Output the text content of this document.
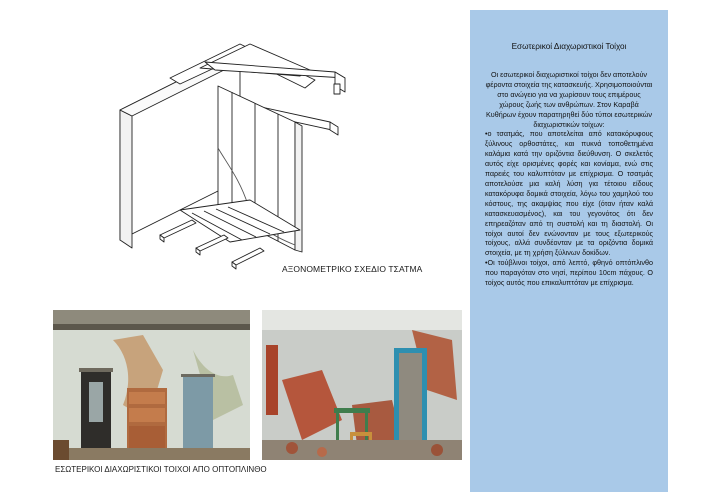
ΑΞΟΝΟΜΕΤΡΙΚΟ ΣΧΕΔΙΟ ΤΣΑΤΜΑ
ΕΣΩΤΕΡΙΚΟΙ ΔΙΑΧΩΡΙΣΤΙΚΟΙ ΤΟΙΧΟΙ ΑΠΟ ΟΠΤΟΠΛΙΝΘΟ
Εσωτερικοί Διαχωριστικοί Τοίχοι

Οι εσωτερικοί διαχωριστικοί τοίχοι δεν αποτελούν φέροντα στοιχεία της κατασκευής. Χρησιμοποιούνται στο ανώγειο για να χωρίσουν τους επιμέρους χώρους ζωής των ανθρώπων. Στον Καραβά Κυθήρων έχουν παρατηρηθεί δύο τύποι εσωτερικών διαχωριστικών τοίχων:

•ο τσατμάς, που αποτελείται από κατακόρυφους ξύλινους ορθοστάτες, και πυκνά τοποθετημένα καλάμια κατά την οριζόντια διεύθυνση. Ο σκελετός αυτός είχε ορισμένες φορές και κονίαμα, ενώ στις παρειές του καλυπτόταν με επίχρισμα. Ο τσατμάς αποτελούσε μια καλή λύση για τέτοιου είδους κατακόρυφα δομικά στοιχεία, λόγω του χαμηλού του κόστους, της ακαμψίας που είχε (όταν ήταν καλά κατασκευασμένος), και του γεγονότος ότι δεν επηρεαζόταν από τη συστολή και τη διαστολή. Οι τοίχοι αυτοί δεν ενώνονταν με τους εξωτερικούς τοίχους, αλλά συνδέονταν με τα οριζόντια δομικά στοιχεία, με τη χρήση ξύλινων δοκίδων.

•Οι τούβλινοι τοίχοι, από λεπτό, φθηνό οπτόπλινθο που παραγόταν στο νησί, περίπου 10cm πάχους. Ο τοίχος αυτός που επικαλυπτόταν με επίχρισμα.
